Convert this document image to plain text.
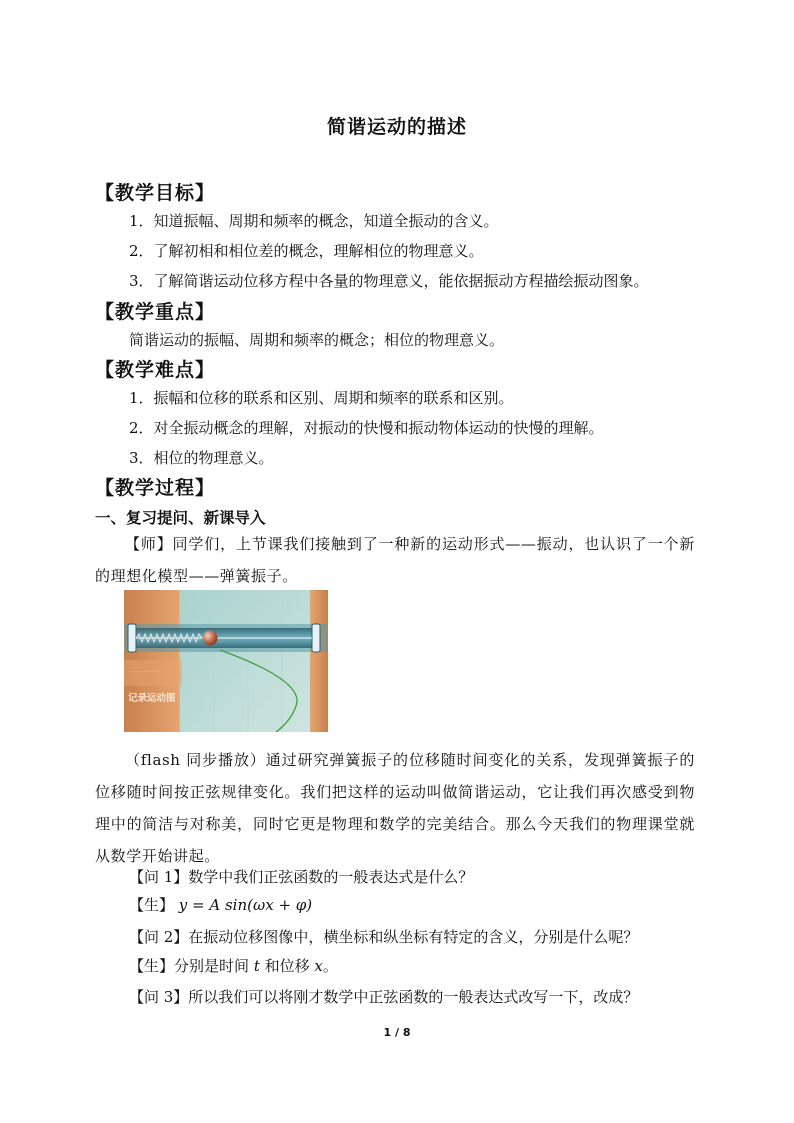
简谐运动的描述
【教学目标】
1．知道振幅、周期和频率的概念，知道全振动的含义。
2．了解初相和相位差的概念，理解相位的物理意义。
3．了解简谐运动位移方程中各量的物理意义，能依据振动方程描绘振动图象。
【教学重点】
简谐运动的振幅、周期和频率的概念；相位的物理意义。
【教学难点】
1．振幅和位移的联系和区别、周期和频率的联系和区别。
2．对全振动概念的理解，对振动的快慢和振动物体运动的快慢的理解。
3．相位的物理意义。
【教学过程】
一、复习提问、新课导入
【师】同学们，上节课我们接触到了一种新的运动形式——振动，也认识了一个新的理想化模型——弹簧振子。
⋯⋯⋯⋯
记录运动图
（flash 同步播放）通过研究弹簧振子的位移随时间变化的关系，发现弹簧振子的位移随时间按正弦规律变化。我们把这样的运动叫做简谐运动，它让我们再次感受到物理中的简洁与对称美，同时它更是物理和数学的完美结合。那么今天我们的物理课堂就从数学开始讲起。
【问 1】数学中我们正弦函数的一般表达式是什么？
【生】 y = A sin(ωx + φ)
【问 2】在振动位移图像中，横坐标和纵坐标有特定的含义，分别是什么呢？
【生】分别是时间 t 和位移 x。
【问 3】所以我们可以将刚才数学中正弦函数的一般表达式改写一下，改成？
1 / 8
